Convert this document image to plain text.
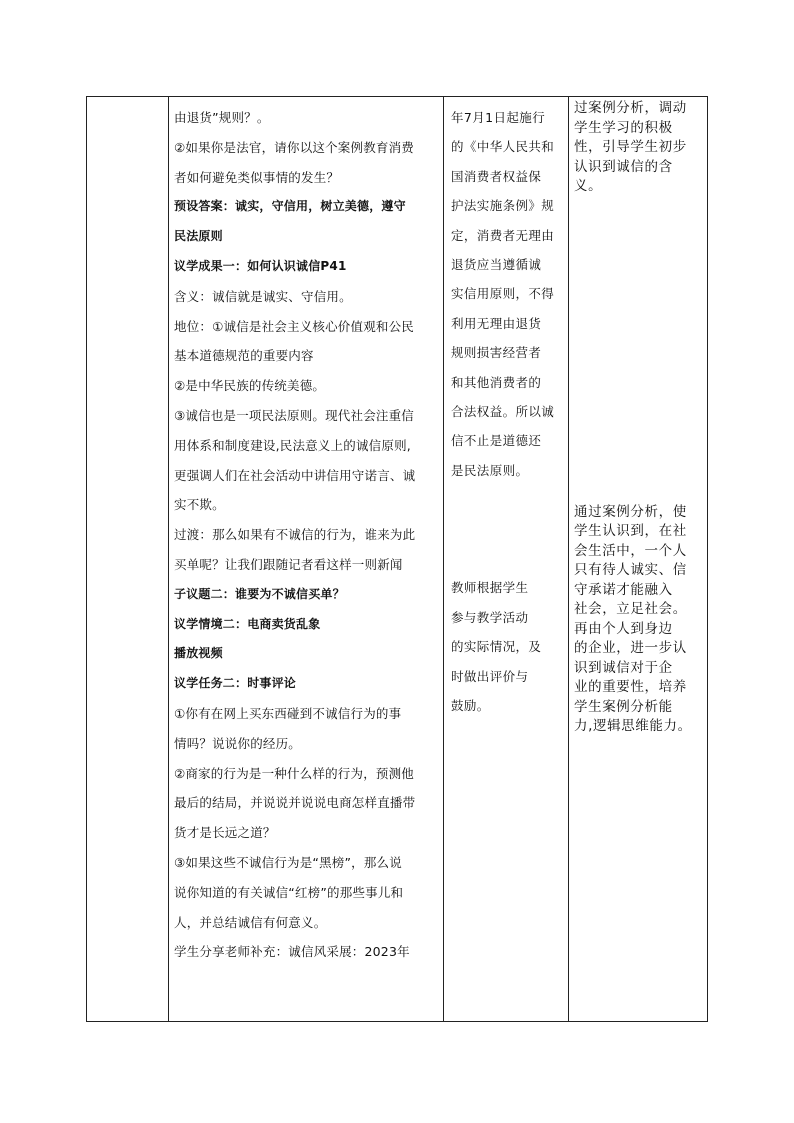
由退货”规则？。
②如果你是法官，请你以这个案例教育消费
者如何避免类似事情的发生？
预设答案：诚实，守信用，树立美德，遵守
民法原则
议学成果一：如何认识诚信P41
含义：诚信就是诚实、守信用。
地位：①诚信是社会主义核心价值观和公民
基本道德规范的重要内容
②是中华民族的传统美德。
③诚信也是一项民法原则。现代社会注重信
用体系和制度建设,民法意义上的诚信原则,
更强调人们在社会活动中讲信用守诺言、诚
实不欺。
过渡：那么如果有不诚信的行为，谁来为此
买单呢？让我们跟随记者看这样一则新闻
子议题二：谁要为不诚信买单？
议学情境二：电商卖货乱象
播放视频
议学任务二：时事评论
①你有在网上买东西碰到不诚信行为的事
情吗？说说你的经历。
②商家的行为是一种什么样的行为，预测他
最后的结局，并说说并说说电商怎样直播带
货才是长远之道？
③如果这些不诚信行为是“黑榜”，那么说
说你知道的有关诚信“红榜”的那些事儿和
人，并总结诚信有何意义。
学生分享老师补充：诚信风采展：2023年
年7月1日起施行
的《中华人民共和
国消费者权益保
护法实施条例》规
定，消费者无理由
退货应当遵循诚
实信用原则，不得
利用无理由退货
规则损害经营者
和其他消费者的
合法权益。所以诚
信不止是道德还
是民法原则。
教师根据学生
参与教学活动
的实际情况，及
时做出评价与
鼓励。
过案例分析，调动
学生学习的积极
性，引导学生初步
认识到诚信的含
义。
通过案例分析，使
学生认识到，在社
会生活中，一个人
只有待人诚实、信
守承诺才能融入
社会，立足社会。
再由个人到身边
的企业，进一步认
识到诚信对于企
业的重要性，培养
学生案例分析能
力,逻辑思维能力。
